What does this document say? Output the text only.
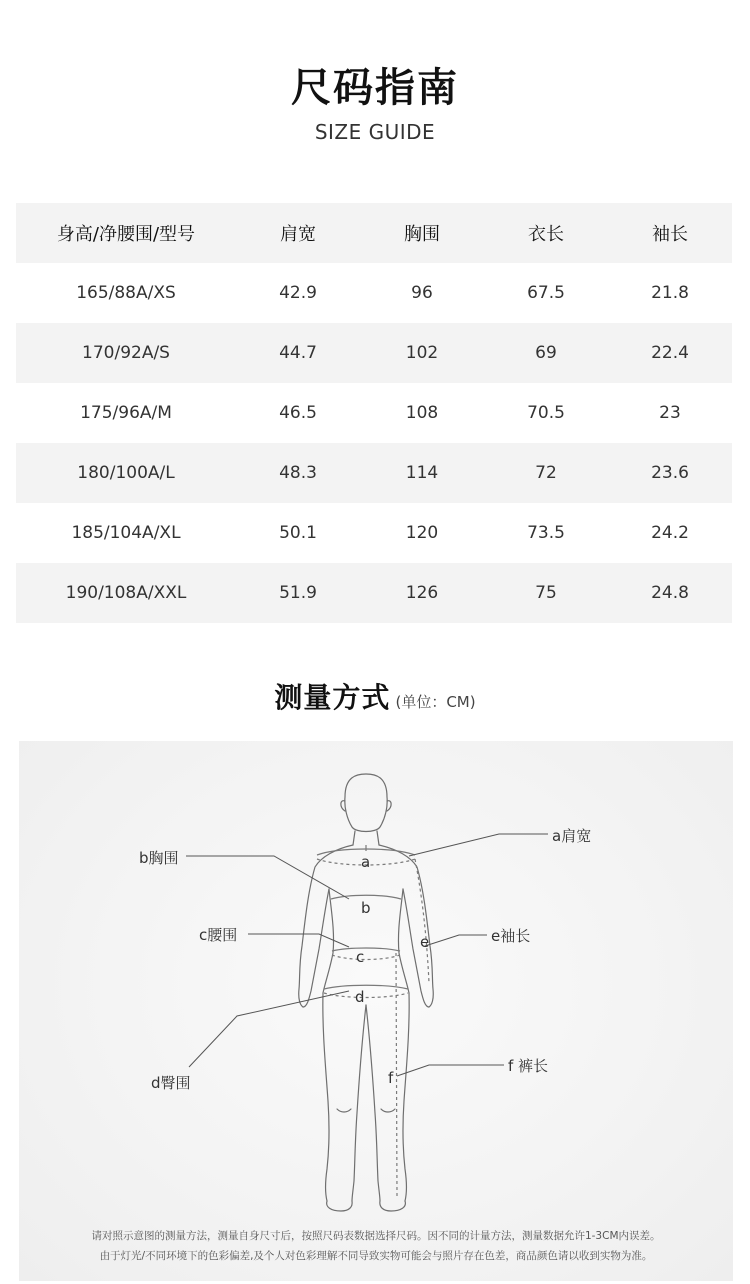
尺码指南
SIZE GUIDE
身高/净腰围/型号	肩宽	胸围	衣长	袖长
165/88A/XS	42.9	96	67.5	21.8
170/92A/S	44.7	102	69	22.4
175/96A/M	46.5	108	70.5	23
180/100A/L	48.3	114	72	23.6
185/104A/XL	50.1	120	73.5	24.2
190/108A/XXL	51.9	126	75	24.8
测量方式 (单位：CM)
b胸围
c腰围
d臀围
a肩宽
e袖长
f 裤长
a
b
c
d
e
f
请对照示意图的测量方法，测量自身尺寸后，按照尺码表数据选择尺码。因不同的计量方法，测量数据允许1-3CM内误差。
由于灯光/不同环境下的色彩偏差,及个人对色彩理解不同导致实物可能会与照片存在色差，商品颜色请以收到实物为准。
